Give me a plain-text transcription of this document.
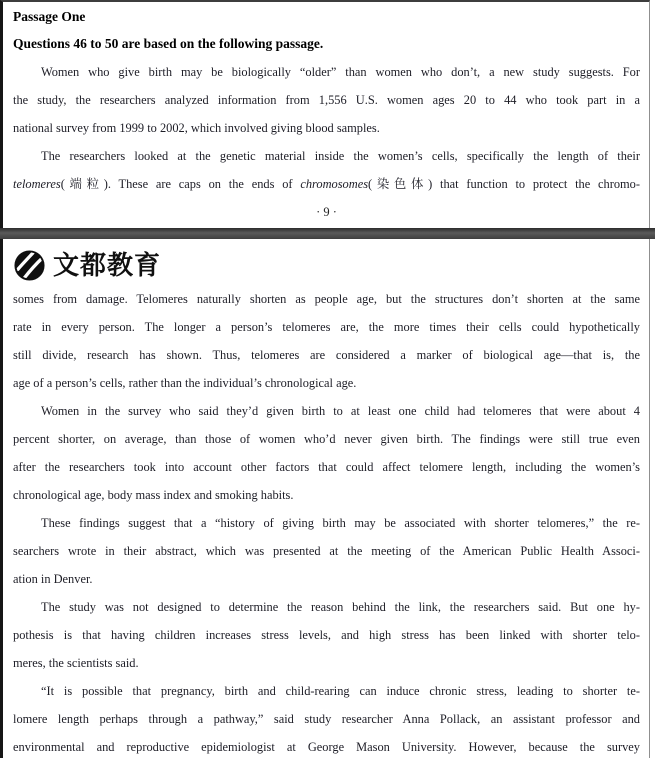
Passage One
Questions 46 to 50 are based on the following passage.
Women who give birth may be biologically “older” than women who don’t, a new study suggests. For
the study, the researchers analyzed information from 1,556 U.S. women ages 20 to 44 who took part in a
national survey from 1999 to 2002, which involved giving blood samples.
The researchers looked at the genetic material inside the women’s cells, specifically the length of their
telomeres(端粒). These are caps on the ends of chromosomes(染色体) that function to protect the chromo-
· 9 ·
文都教育
somes from damage. Telomeres naturally shorten as people age, but the structures don’t shorten at the same
rate in every person. The longer a person’s telomeres are, the more times their cells could hypothetically
still divide, research has shown. Thus, telomeres are considered a marker of biological age—that is, the
age of a person’s cells, rather than the individual’s chronological age.
Women in the survey who said they’d given birth to at least one child had telomeres that were about 4
percent shorter, on average, than those of women who’d never given birth. The findings were still true even
after the researchers took into account other factors that could affect telomere length, including the women’s
chronological age, body mass index and smoking habits.
These findings suggest that a “history of giving birth may be associated with shorter telomeres,” the re-
searchers wrote in their abstract, which was presented at the meeting of the American Public Health Associ-
ation in Denver.
The study was not designed to determine the reason behind the link, the researchers said. But one hy-
pothesis is that having children increases stress levels, and high stress has been linked with shorter telo-
meres, the scientists said.
“It is possible that pregnancy, birth and child-rearing can induce chronic stress, leading to shorter te-
lomere length perhaps through a pathway,” said study researcher Anna Pollack, an assistant professor and
environmental and reproductive epidemiologist at George Mason University. However, because the survey
